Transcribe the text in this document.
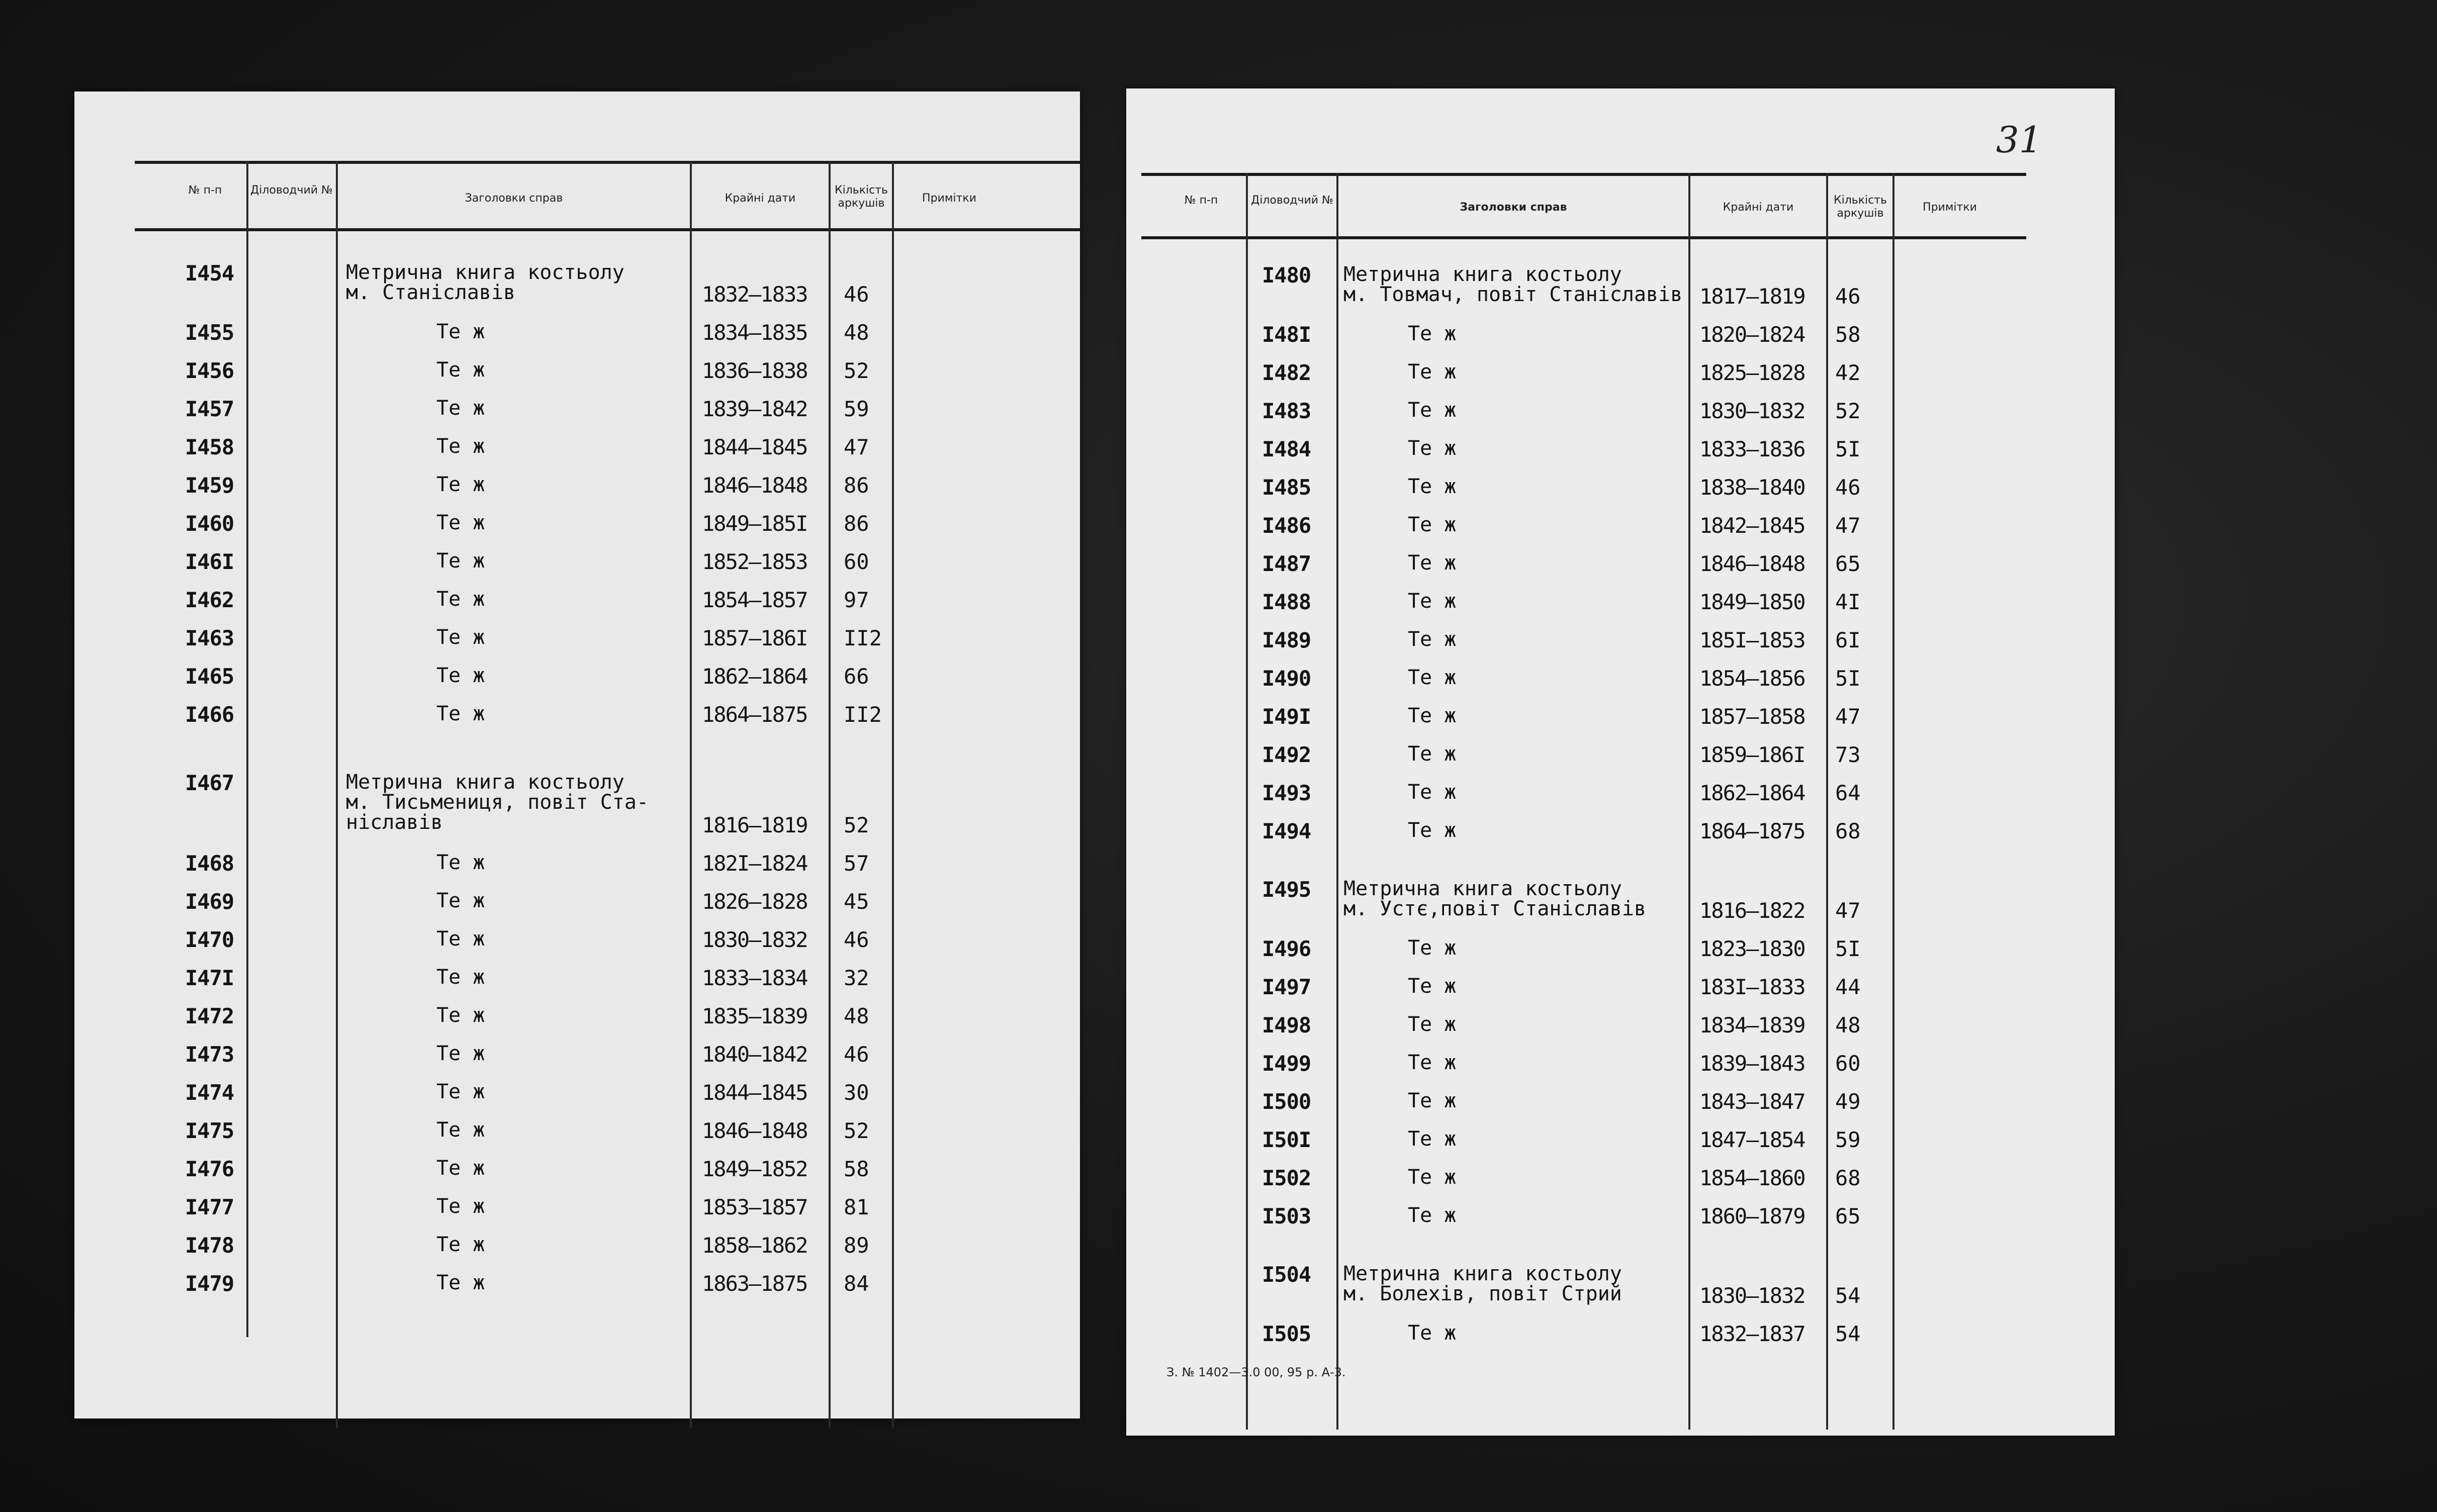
№ п-п	Діловодчий №
Заголовки справ	Крайні дати
Кількість аркушів	Примітки
I454	Метрична книга костьолу
м. Станіславів	1832–1833 46
I455	Те ж	1834–1835 48
I456	Те ж	1836–1838 52
I457	Те ж	1839–1842 59
I458	Те ж	1844–1845 47
I459	Те ж	1846–1848 86
I460	Те ж	1849–185I 86
I46I	Те ж	1852–1853 60
I462	Те ж	1854–1857 97
I463	Те ж	1857–186I II2
I465	Те ж	1862–1864 66
I466	Те ж	1864–1875 II2
I467	Метрична книга костьолу
м. Тисьмениця, повіт Ста-
ніславів	1816–1819 52
I468	Те ж	182I–1824 57
I469	Те ж	1826–1828 45
I470	Те ж	1830–1832 46
I47I	Те ж	1833–1834 32
I472	Те ж	1835–1839 48
I473	Те ж	1840–1842 46
I474	Те ж	1844–1845 30
I475	Те ж	1846–1848 52
I476	Те ж	1849–1852 58
I477	Те ж	1853–1857 81
I478	Те ж	1858–1862 89
I479	Те ж	1863–1875 84
31
№ п-п	Діловодчий №
Заголовки справ	Крайні дати
Кількість аркушів	Примітки
I480 Метрична книга костьолу
м. Товмач, повіт Станіславів 1817–1819 46
I48I	Те ж	1820–1824 58
I482	Те ж	1825–1828 42
I483	Те ж	1830–1832 52
I484	Те ж	1833–1836 5I
I485	Те ж	1838–1840 46
I486	Те ж	1842–1845 47
I487	Те ж	1846–1848 65
I488	Те ж	1849–1850 4I
I489	Те ж	185I–1853 6I
I490	Те ж	1854–1856 5I
I49I	Те ж	1857–1858 47
I492	Те ж	1859–186I 73
I493	Те ж	1862–1864 64
I494	Те ж	1864–1875 68
I495 Метрична книга костьолу
м. Устє,повіт Станіславів	1816–1822 47
I496	Те ж	1823–1830 5I
I497	Те ж	183I–1833 44
I498	Те ж	1834–1839 48
I499	Те ж	1839–1843 60
I500	Те ж	1843–1847 49
I50I	Те ж	1847–1854 59
I502	Те ж	1854–1860 68
I503	Те ж	1860–1879 65
I504 Метрична книга костьолу
м. Болехів, повіт Стрий	1830–1832 54
I505	Те ж	1832–1837 54
З. № 1402—3.0 00, 95 р. А-3.
